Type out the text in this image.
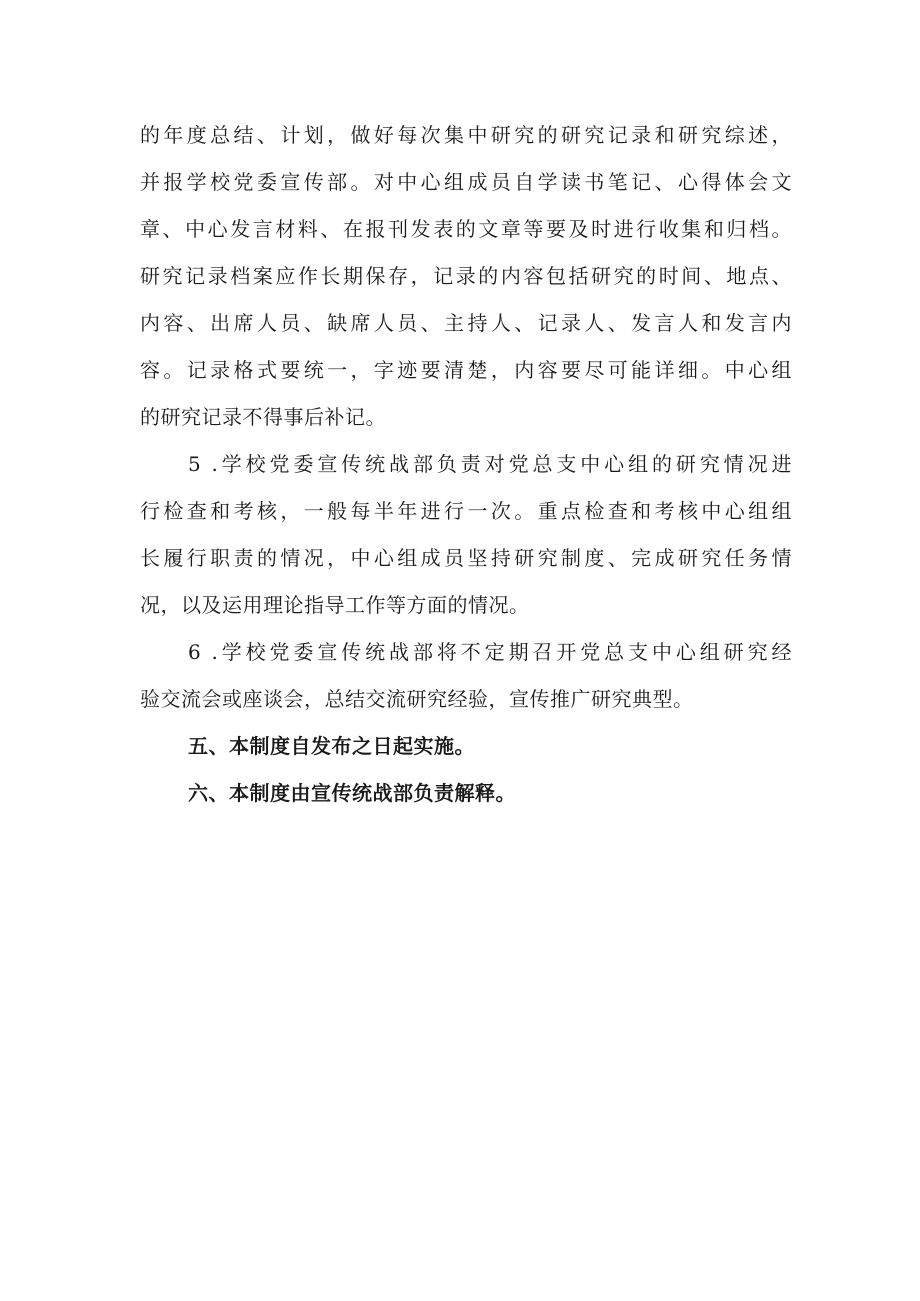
的年度总结、计划，做好每次集中研究的研究记录和研究综述，
并报学校党委宣传部。对中心组成员自学读书笔记、心得体会文
章、中心发言材料、在报刊发表的文章等要及时进行收集和归档。
研究记录档案应作长期保存，记录的内容包括研究的时间、地点、
内容、出席人员、缺席人员、主持人、记录人、发言人和发言内
容。记录格式要统一，字迹要清楚，内容要尽可能详细。中心组
的研究记录不得事后补记。
5 .学校党委宣传统战部负责对党总支中心组的研究情况进
行检查和考核，一般每半年进行一次。重点检查和考核中心组组
长履行职责的情况，中心组成员坚持研究制度、完成研究任务情
况，以及运用理论指导工作等方面的情况。
6 .学校党委宣传统战部将不定期召开党总支中心组研究经
验交流会或座谈会，总结交流研究经验，宣传推广研究典型。
五、本制度自发布之日起实施。
六、本制度由宣传统战部负责解释。
